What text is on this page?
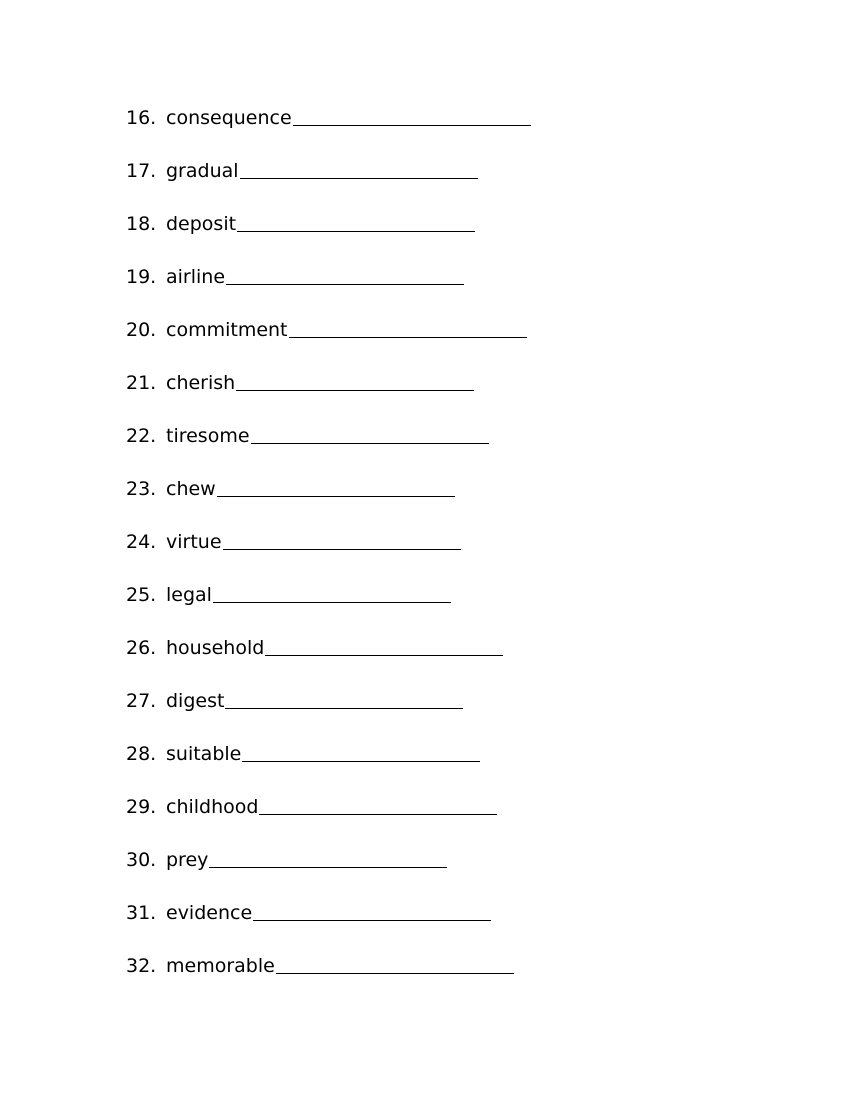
16. consequence
17. gradual
18. deposit
19. airline
20. commitment
21. cherish
22. tiresome
23. chew
24. virtue
25. legal
26. household
27. digest
28. suitable
29. childhood
30. prey
31. evidence
32. memorable
